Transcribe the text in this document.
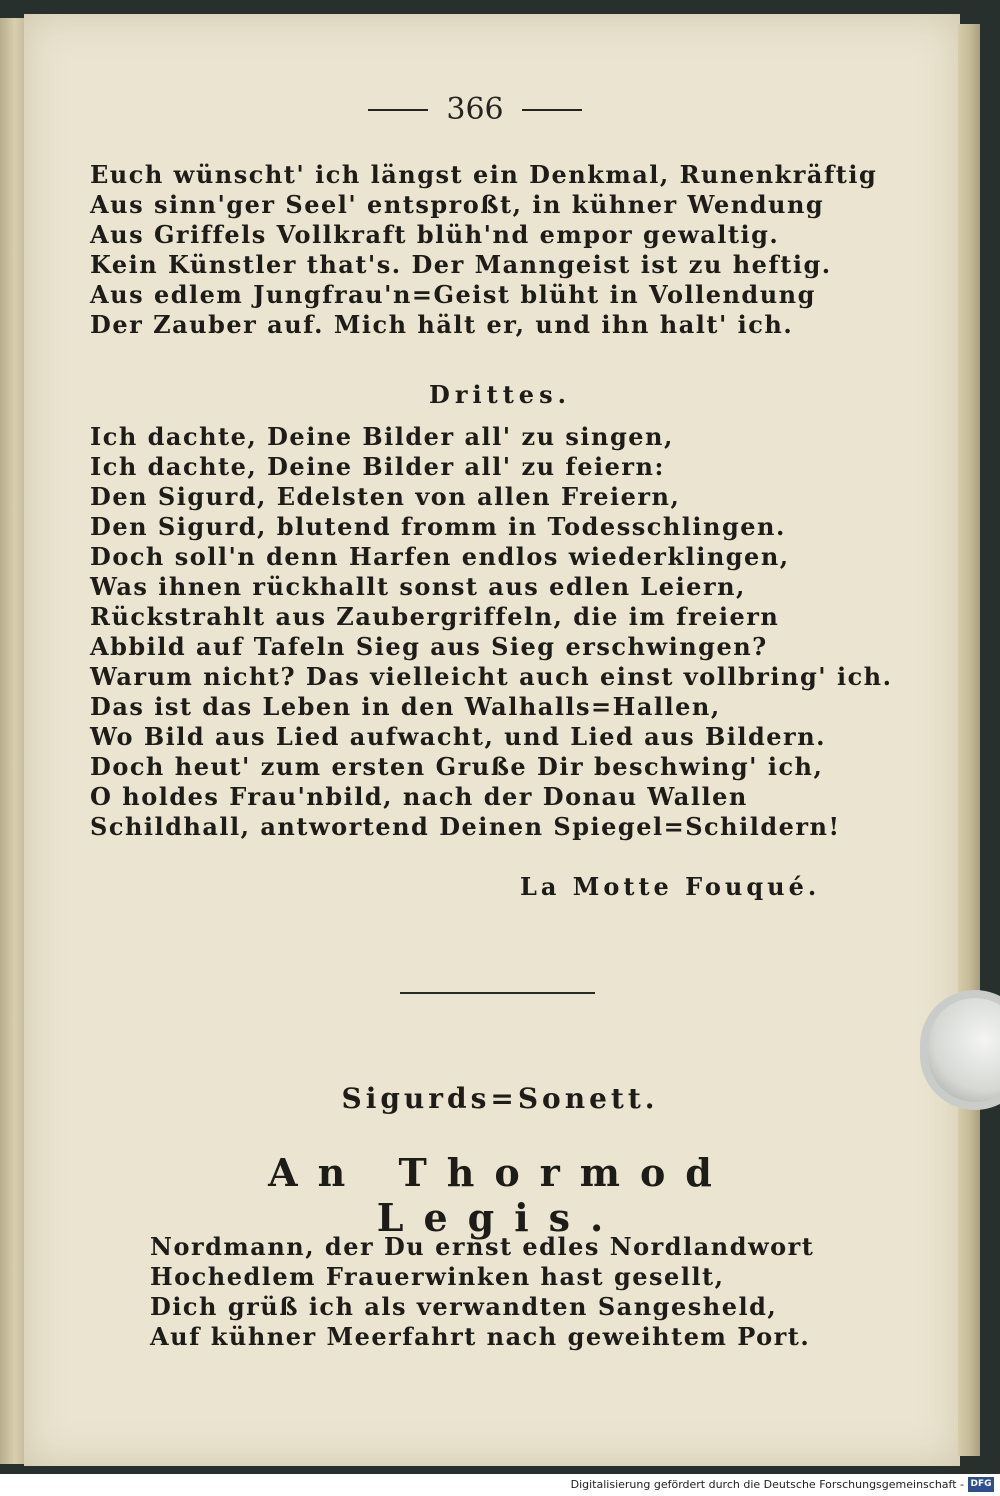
366
Euch wünscht' ich längst ein Denkmal, Runenkräftig
Aus sinn'ger Seel' entsproßt, in kühner Wendung
Aus Griffels Vollkraft blüh'nd empor gewaltig.
Kein Künstler that's. Der Manngeist ist zu heftig.
Aus edlem Jungfrau'n=Geist blüht in Vollendung
Der Zauber auf. Mich hält er, und ihn halt' ich.
Drittes.
Ich dachte, Deine Bilder all' zu singen,
Ich dachte, Deine Bilder all' zu feiern:
Den Sigurd, Edelsten von allen Freiern,
Den Sigurd, blutend fromm in Todesschlingen.
Doch soll'n denn Harfen endlos wiederklingen,
Was ihnen rückhallt sonst aus edlen Leiern,
Rückstrahlt aus Zaubergriffeln, die im freiern
Abbild auf Tafeln Sieg aus Sieg erschwingen?
Warum nicht? Das vielleicht auch einst vollbring' ich.
Das ist das Leben in den Walhalls=Hallen,
Wo Bild aus Lied aufwacht, und Lied aus Bildern.
Doch heut' zum ersten Gruße Dir beschwing' ich,
O holdes Frau'nbild, nach der Donau Wallen
Schildhall, antwortend Deinen Spiegel=Schildern!
La Motte Fouqué.
Sigurds=Sonett.
An Thormod Legis.
Nordmann, der Du ernst edles Nordlandwort
Hochedlem Frauerwinken hast gesellt,
Dich grüß ich als verwandten Sangesheld,
Auf kühner Meerfahrt nach geweihtem Port.
Digitalisierung gefördert durch die Deutsche Forschungsgemeinschaft - DFG
